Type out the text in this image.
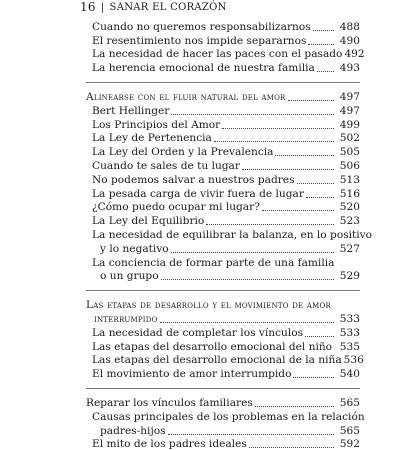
16 | SANAR EL CORAZÓN
Cuando no queremos responsabilizarnos	488
El resentimiento nos impide separarnos	490
La necesidad de hacer las paces con el pasado 492
La herencia emocional de nuestra familia	493
Alinearse con el fluir natural del amor	497
Bert Hellinger	497
Los Principios del Amor	499
La Ley de Pertenencia	502
La Ley del Orden y la Prevalencia	505
Cuando te sales de tu lugar	506
No podemos salvar a nuestros padres	513
La pesada carga de vivir fuera de lugar	516
¿Cómo puedo ocupar mi lugar?	520
La Ley del Equilibrio	523
La necesidad de equilibrar la balanza, en lo positivo
y lo negativo	527
La conciencia de formar parte de una familia
o un grupo	529
Las etapas de desarrollo y el movimiento de amor
interrumpido	533
La necesidad de completar los vínculos	533
Las etapas del desarrollo emocional del niño 535
Las etapas del desarrollo emocional de la niña 536
El movimiento de amor interrumpido	540
Reparar los vínculos familiares	565
Causas principales de los problemas en la relación
padres-hijos	565
El mito de los padres ideales	592
